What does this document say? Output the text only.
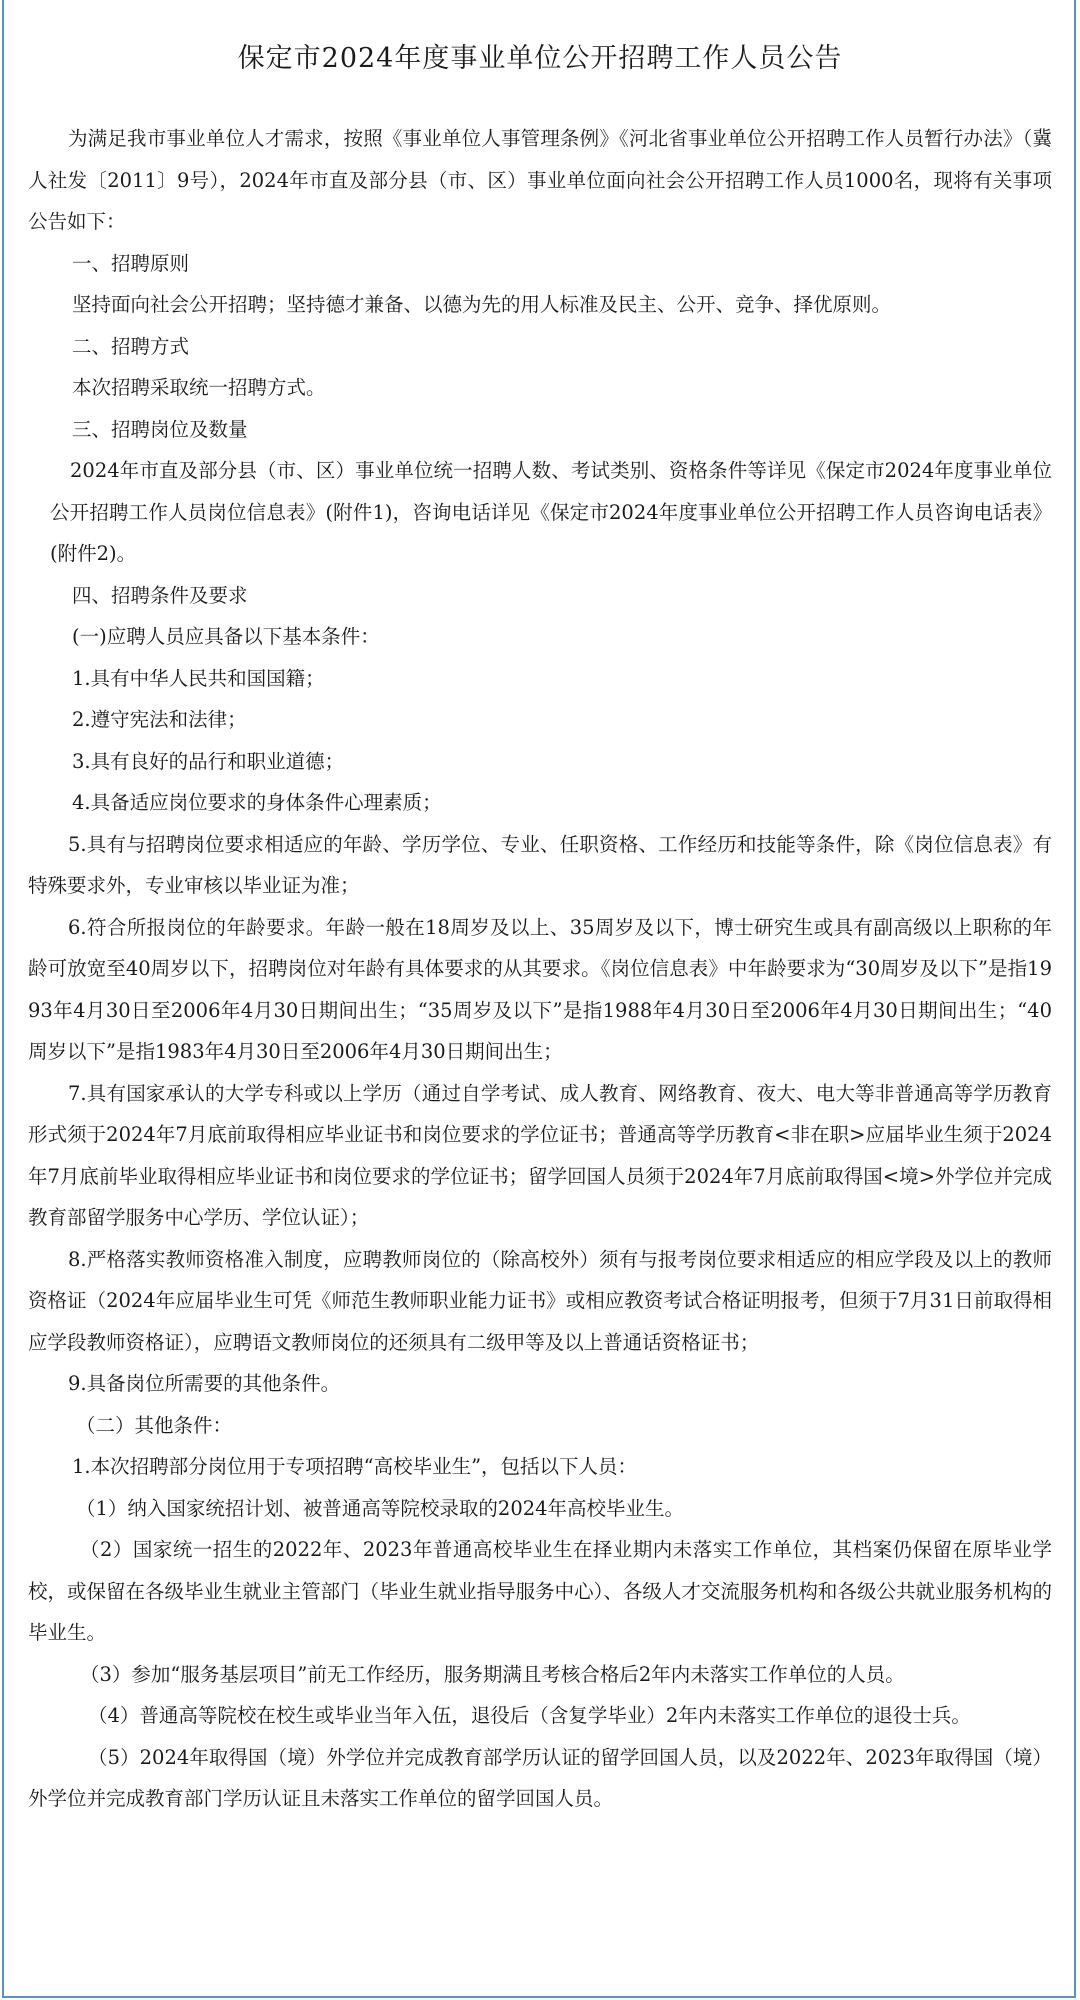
保定市2024年度事业单位公开招聘工作人员公告

为满足我市事业单位人才需求，按照《事业单位人事管理条例》《河北省事业单位公开招聘工作人员暂行办法》（冀人社发〔2011〕9号），2024年市直及部分县（市、区）事业单位面向社会公开招聘工作人员1000名，现将有关事项公告如下：

一、招聘原则

坚持面向社会公开招聘；坚持德才兼备、以德为先的用人标准及民主、公开、竞争、择优原则。

二、招聘方式

本次招聘采取统一招聘方式。

三、招聘岗位及数量

2024年市直及部分县（市、区）事业单位统一招聘人数、考试类别、资格条件等详见《保定市2024年度事业单位公开招聘工作人员岗位信息表》(附件1)，咨询电话详见《保定市2024年度事业单位公开招聘工作人员咨询电话表》(附件2)。

四、招聘条件及要求

(一)应聘人员应具备以下基本条件：

1.具有中华人民共和国国籍；

2.遵守宪法和法律；

3.具有良好的品行和职业道德；

4.具备适应岗位要求的身体条件心理素质；

5.具有与招聘岗位要求相适应的年龄、学历学位、专业、任职资格、工作经历和技能等条件，除《岗位信息表》有特殊要求外，专业审核以毕业证为准；

6.符合所报岗位的年龄要求。年龄一般在18周岁及以上、35周岁及以下，博士研究生或具有副高级以上职称的年龄可放宽至40周岁以下，招聘岗位对年龄有具体要求的从其要求。《岗位信息表》中年龄要求为“30周岁及以下”是指1993年4月30日至2006年4月30日期间出生；“35周岁及以下”是指1988年4月30日至2006年4月30日期间出生；“40周岁以下”是指1983年4月30日至2006年4月30日期间出生；

7.具有国家承认的大学专科或以上学历（通过自学考试、成人教育、网络教育、夜大、电大等非普通高等学历教育形式须于2024年7月底前取得相应毕业证书和岗位要求的学位证书；普通高等学历教育<非在职>应届毕业生须于2024年7月底前毕业取得相应毕业证书和岗位要求的学位证书；留学回国人员须于2024年7月底前取得国<境>外学位并完成教育部留学服务中心学历、学位认证）；

8.严格落实教师资格准入制度，应聘教师岗位的（除高校外）须有与报考岗位要求相适应的相应学段及以上的教师资格证（2024年应届毕业生可凭《师范生教师职业能力证书》或相应教资考试合格证明报考，但须于7月31日前取得相应学段教师资格证），应聘语文教师岗位的还须具有二级甲等及以上普通话资格证书；

9.具备岗位所需要的其他条件。

（二）其他条件：

1.本次招聘部分岗位用于专项招聘“高校毕业生”，包括以下人员：

（1）纳入国家统招计划、被普通高等院校录取的2024年高校毕业生。

（2）国家统一招生的2022年、2023年普通高校毕业生在择业期内未落实工作单位，其档案仍保留在原毕业学校，或保留在各级毕业生就业主管部门（毕业生就业指导服务中心）、各级人才交流服务机构和各级公共就业服务机构的毕业生。

（3）参加“服务基层项目”前无工作经历，服务期满且考核合格后2年内未落实工作单位的人员。

（4）普通高等院校在校生或毕业当年入伍，退役后（含复学毕业）2年内未落实工作单位的退役士兵。

（5）2024年取得国（境）外学位并完成教育部学历认证的留学回国人员，以及2022年、2023年取得国（境）外学位并完成教育部门学历认证且未落实工作单位的留学回国人员。
